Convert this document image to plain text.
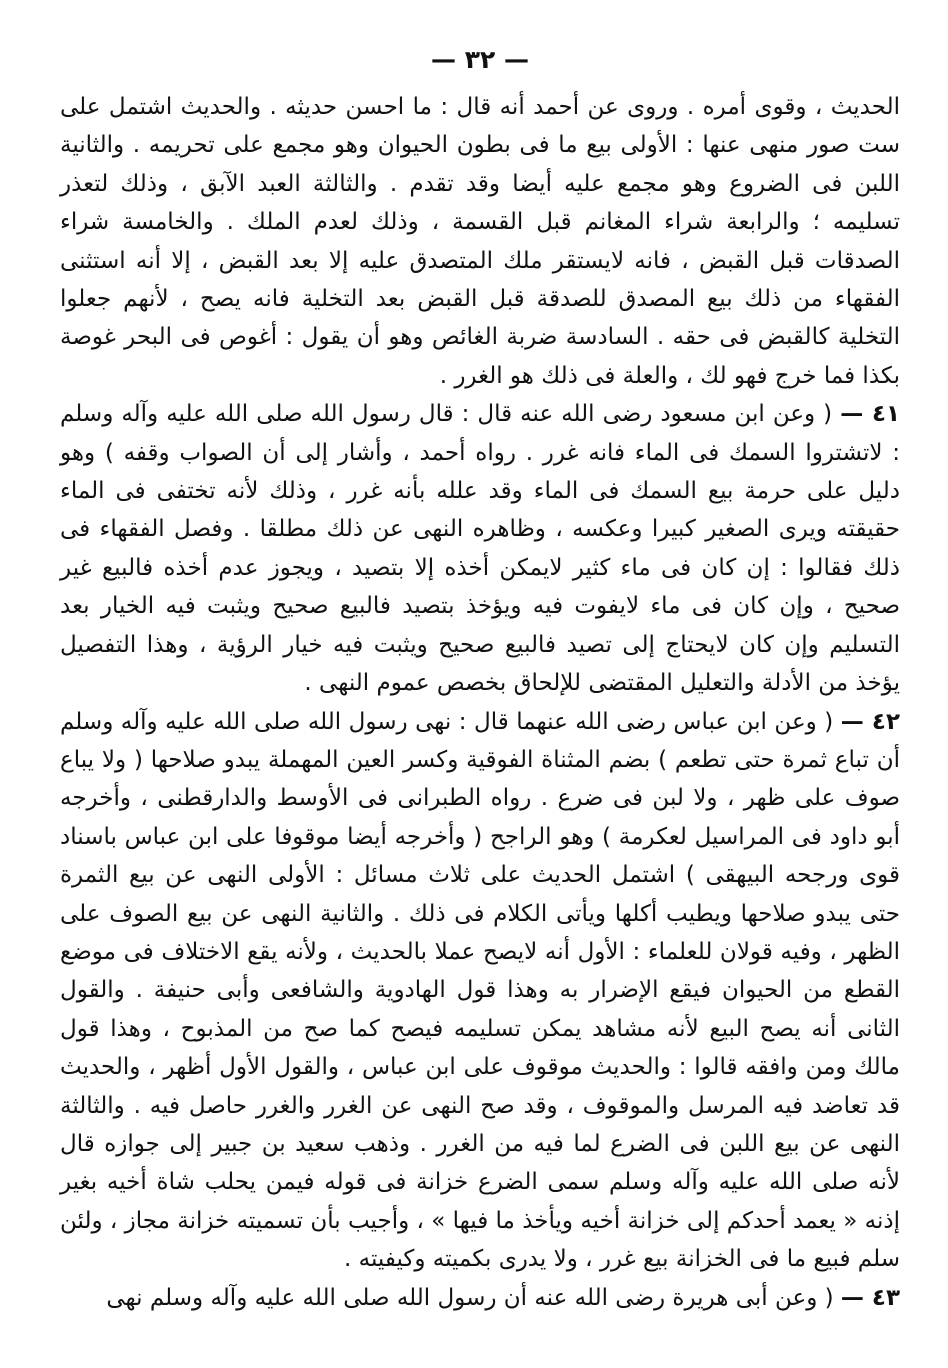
— ٣٢ —

الحديث ، وقوى أمره . وروى عن أحمد أنه قال : ما احسن حديثه . والحديث اشتمل على ست صور منهى عنها : الأولى بيع ما فى بطون الحيوان وهو مجمع على تحريمه . والثانية اللبن فى الضروع وهو مجمع عليه أيضا وقد تقدم . والثالثة العبد الآبق ، وذلك لتعذر تسليمه ؛ والرابعة شراء المغانم قبل القسمة ، وذلك لعدم الملك . والخامسة شراء الصدقات قبل القبض ، فانه لايستقر ملك المتصدق عليه إلا بعد القبض ، إلا أنه استثنى الفقهاء من ذلك بيع المصدق للصدقة قبل القبض بعد التخلية فانه يصح ، لأنهم جعلوا التخلية كالقبض فى حقه . السادسة ضربة الغائص وهو أن يقول : أغوص فى البحر غوصة بكذا فما خرج فهو لك ، والعلة فى ذلك هو الغرر .

٤١ — ( وعن ابن مسعود رضى الله عنه قال : قال رسول الله صلى الله عليه وآله وسلم : لاتشتروا السمك فى الماء فانه غرر . رواه أحمد ، وأشار إلى أن الصواب وقفه ) وهو دليل على حرمة بيع السمك فى الماء وقد علله بأنه غرر ، وذلك لأنه تختفى فى الماء حقيقته ويرى الصغير كبيرا وعكسه ، وظاهره النهى عن ذلك مطلقا . وفصل الفقهاء فى ذلك فقالوا : إن كان فى ماء كثير لايمكن أخذه إلا بتصيد ، ويجوز عدم أخذه فالبيع غير صحيح ، وإن كان فى ماء لايفوت فيه ويؤخذ بتصيد فالبيع صحيح ويثبت فيه الخيار بعد التسليم وإن كان لايحتاج إلى تصيد فالبيع صحيح ويثبت فيه خيار الرؤية ، وهذا التفصيل يؤخذ من الأدلة والتعليل المقتضى للإلحاق بخصص عموم النهى .

٤٢ — ( وعن ابن عباس رضى الله عنهما قال : نهى رسول الله صلى الله عليه وآله وسلم أن تباع ثمرة حتى تطعم ) بضم المثناة الفوقية وكسر العين المهملة يبدو صلاحها ( ولا يباع صوف على ظهر ، ولا لبن فى ضرع . رواه الطبرانى فى الأوسط والدارقطنى ، وأخرجه أبو داود فى المراسيل لعكرمة ) وهو الراجح ( وأخرجه أيضا موقوفا على ابن عباس باسناد قوى ورجحه البيهقى ) اشتمل الحديث على ثلاث مسائل : الأولى النهى عن بيع الثمرة حتى يبدو صلاحها ويطيب أكلها ويأتى الكلام فى ذلك . والثانية النهى عن بيع الصوف على الظهر ، وفيه قولان للعلماء : الأول أنه لايصح عملا بالحديث ، ولأنه يقع الاختلاف فى موضع القطع من الحيوان فيقع الإضرار به وهذا قول الهادوية والشافعى وأبى حنيفة . والقول الثانى أنه يصح البيع لأنه مشاهد يمكن تسليمه فيصح كما صح من المذبوح ، وهذا قول مالك ومن وافقه قالوا : والحديث موقوف على ابن عباس ، والقول الأول أظهر ، والحديث قد تعاضد فيه المرسل والموقوف ، وقد صح النهى عن الغرر والغرر حاصل فيه . والثالثة النهى عن بيع اللبن فى الضرع لما فيه من الغرر . وذهب سعيد بن جبير إلى جوازه قال لأنه صلى الله عليه وآله وسلم سمى الضرع خزانة فى قوله فيمن يحلب شاة أخيه بغير إذنه « يعمد أحدكم إلى خزانة أخيه ويأخذ ما فيها » ، وأجيب بأن تسميته خزانة مجاز ، ولئن سلم فبيع ما فى الخزانة بيع غرر ، ولا يدرى بكميته وكيفيته .

٤٣ — ( وعن أبى هريرة رضى الله عنه أن رسول الله صلى الله عليه وآله وسلم نهى
